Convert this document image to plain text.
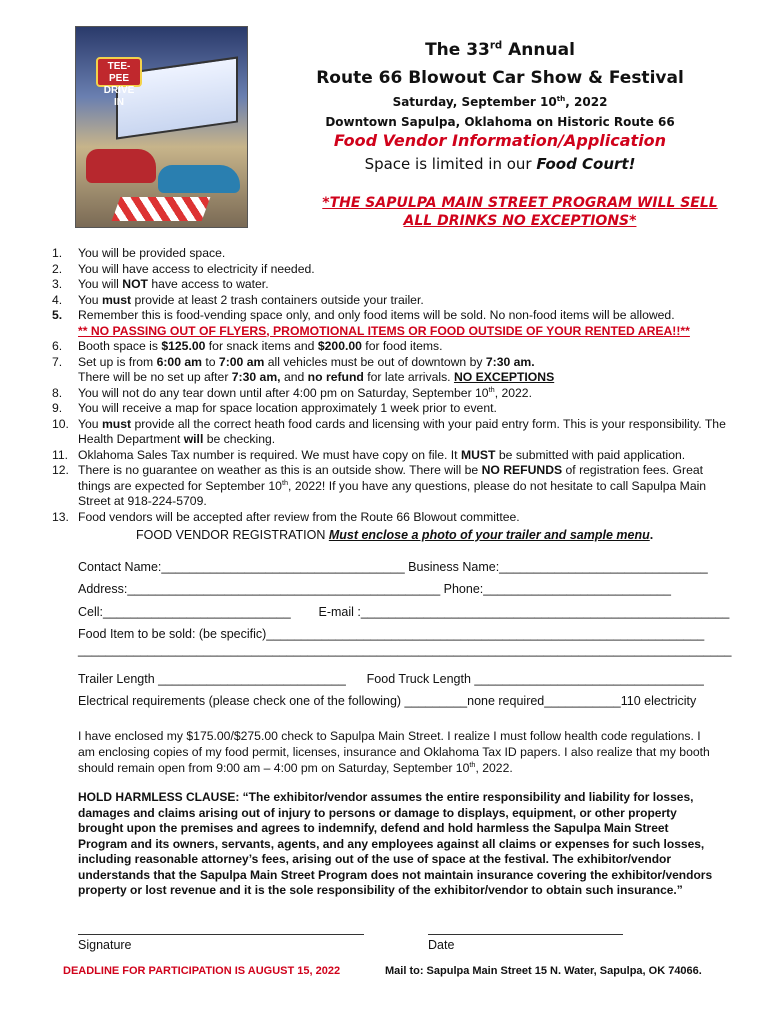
TEE-PEE DRIVE IN
The 33rd Annual
Route 66 Blowout Car Show & Festival
Saturday, September 10th, 2022
Downtown Sapulpa, Oklahoma on Historic Route 66
Food Vendor Information/Application
Space is limited in our Food Court!
*THE SAPULPA MAIN STREET PROGRAM WILL SELL ALL DRINKS NO EXCEPTIONS*
1.	You will be provided space.
2.	You will have access to electricity if needed.
3.	You will NOT have access to water.
4.	You must provide at least 2 trash containers outside your trailer.
5.	Remember this is food-vending space only, and only food items will be sold. No non-food items will be allowed.
** NO PASSING OUT OF FLYERS, PROMOTIONAL ITEMS OR FOOD OUTSIDE OF YOUR RENTED AREA!!**
6.	Booth space is $125.00 for snack items and $200.00 for food items.
7.	Set up is from 6:00 am to 7:00 am all vehicles must be out of downtown by 7:30 am.
There will be no set up after 7:30 am, and no refund for late arrivals. NO EXCEPTIONS
8.	You will not do any tear down until after 4:00 pm on Saturday, September 10th, 2022.
9.	You will receive a map for space location approximately 1 week prior to event.
10. You must provide all the correct heath food cards and licensing with your paid entry form. This is your responsibility. The Health Department will be checking.
11. Oklahoma Sales Tax number is required. We must have copy on file. It MUST be submitted with paid application.
12. There is no guarantee on weather as this is an outside show. There will be NO REFUNDS of registration fees. Great things are expected for September 10th, 2022! If you have any questions, please do not hesitate to call Sapulpa Main Street at 918-224-5709.
13. Food vendors will be accepted after review from the Route 66 Blowout committee.
FOOD VENDOR REGISTRATION Must enclose a photo of your trailer and sample menu.
Contact Name:___________________________________ Business Name:______________________________
Address:_____________________________________________ Phone:___________________________
Cell:___________________________        E-mail :_____________________________________________________
Food Item to be sold: (be specific)_______________________________________________________________
______________________________________________________________________________________________
Trailer Length ___________________________      Food Truck Length _________________________________
Electrical requirements (please check one of the following) _________none required___________110 electricity
I have enclosed my $175.00/$275.00 check to Sapulpa Main Street. I realize I must follow health code regulations. I am enclosing copies of my food permit, licenses, insurance and Oklahoma Tax ID papers. I also realize that my booth should remain open from 9:00 am – 4:00 pm on Saturday, September 10th, 2022.
HOLD HARMLESS CLAUSE: “The exhibitor/vendor assumes the entire responsibility and liability for losses, damages and claims arising out of injury to persons or damage to displays, equipment, or other property brought upon the premises and agrees to indemnify, defend and hold harmless the Sapulpa Main Street Program and its owners, servants, agents, and any employees against all claims or expenses for such losses, including reasonable attorney’s fees, arising out of the use of space at the festival. The exhibitor/vendor understands that the Sapulpa Main Street Program does not maintain insurance covering the exhibitor/vendors property or lost revenue and it is the sole responsibility of the exhibitor/vendor to obtain such insurance.”
Signature	Date
DEADLINE FOR PARTICIPATION IS AUGUST 15, 2022	Mail to: Sapulpa Main Street 15 N. Water, Sapulpa, OK 74066.
